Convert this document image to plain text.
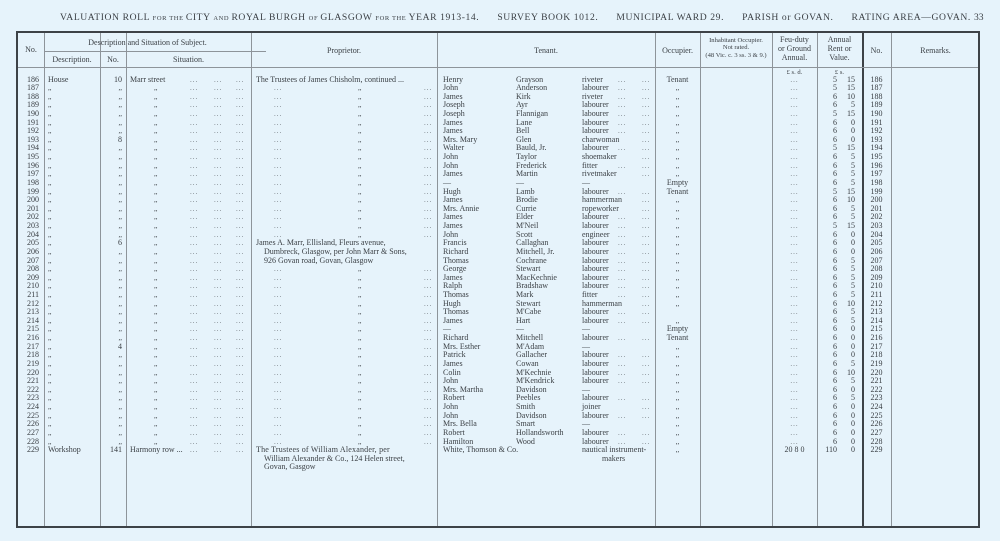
VALUATION ROLL FOR THE CITY AND ROYAL BURGH OF GLASGOW FOR THE YEAR 1913-14. SURVEY BOOK 1012. MUNICIPAL WARD 29. PARISH or GOVAN. RATING AREA—GOVAN. 33
No.
Description and Situation of Subject.
Description.	No.	Situation.
Proprietor.	Tenant.	Occupier.
Inhabitant Occupier.
Not rated.
(48 Vic. c. 3 ss. 3 & 9.)
Feu-duty
or Ground
Annual.
£ s. d.
Annual
Rent or
Value.
£ s.
No.	Remarks.
186 House	10 Marr street	...	...	...	The Trustees of James Chisholm, continued ...	Henry	Grayson	riveter	...	...	Tenant	...	5	15	186
187 ,,	,,	,,	...	...	...	...	,,	...	John	Anderson	labourer	...	...	,,	...	5	15	187
188 ,,	,,	,,	...	...	...	...	,,	...	James	Kirk	riveter	...	...	,,	...	6	10	188
189 ,,	,,	,,	...	...	...	...	,,	...	Joseph	Ayr	labourer	...	...	,,	...	6	5	189
190 ,,	,,	,,	...	...	...	...	,,	...	Joseph	Flannigan	labourer	...	...	,,	...	5	15	190
191 ,,	,,	,,	...	...	...	...	,,	...	James	Lane	labourer	...	...	,,	...	6	0	191
192 ,,	,,	,,	...	...	...	...	,,	...	James	Bell	labourer	...	...	,,	...	6	0	192
193 ,,	8	,,	...	...	...	...	,,	...	Mrs. Mary	Glen	charwoman	...	,,	...	6	0	193
194 ,,	,,	,,	...	...	...	...	,,	...	Walter	Bauld, Jr.	labourer	...	...	,,	...	5	15	194
195 ,,	,,	,,	...	...	...	...	,,	...	John	Taylor	shoemaker	...	,,	...	6	5	195
196 ,,	,,	,,	...	...	...	...	,,	...	John	Frederick	fitter	...	...	,,	...	6	5	196
197 ,,	,,	,,	...	...	...	...	,,	...	James	Martin	rivetmaker	...	,,	...	6	5	197
198 ,,	,,	,,	...	...	...	...	,,	...	—	—	—	Empty	...	6	5	198
199 ,,	,,	,,	...	...	...	...	,,	...	Hugh	Lamb	labourer	...	...	Tenant	...	5	15	199
200 ,,	,,	,,	...	...	...	...	,,	...	James	Brodie	hammerman	...	,,	...	6	10	200
201 ,,	,,	,,	...	...	...	...	,,	...	Mrs. Annie	Currie	ropeworker	...	,,	...	6	5	201
202 ,,	,,	,,	...	...	...	...	,,	...	James	Elder	labourer	...	...	,,	...	6	5	202
203 ,,	,,	,,	...	...	...	...	,,	...	James	M'Neil	labourer	...	...	,,	...	5	15	203
204 ,,	,,	,,	...	...	...	...	,,	...	John	Scott	engineer	...	...	,,	...	6	0	204
205 ,,	6	,,	...	...	...	James A. Marr, Ellisland, Fleurs avenue,	Francis	Callaghan	labourer	...	...	,,	...	6	0	205
206 ,,	,,	,,	...	...	...	Dumbreck, Glasgow, per John Marr & Sons,	Richard	Mitchell, Jr.	labourer	...	...	,,	...	6	0	206
207 ,,	,,	,,	...	...	...	926 Govan road, Govan, Glasgow	Thomas	Cochrane	labourer	...	...	,,	...	6	5	207
208 ,,	,,	,,	...	...	...	...	,,	...	George	Stewart	labourer	...	...	,,	...	6	5	208
209 ,,	,,	,,	...	...	...	...	,,	...	James	MacKechnie	labourer	...	...	,,	...	6	5	209
210 ,,	,,	,,	...	...	...	...	,,	...	Ralph	Bradshaw	labourer	...	...	,,	...	6	5	210
211 ,,	,,	,,	...	...	...	...	,,	...	Thomas	Mark	fitter	...	...	,,	...	6	5	211
212 ,,	,,	,,	...	...	...	...	,,	...	Hugh	Stewart	hammerman	...	,,	...	6	10	212
213 ,,	,,	,,	...	...	...	...	,,	...	Thomas	M'Cabe	labourer	...	...	...	6	5	213
214 ,,	,,	,,	...	...	...	...	,,	...	James	Hart	labourer	...	...	,,	...	6	5	214
215 ,,	,,	,,	...	...	...	...	,,	...	—	—	—	Empty	...	6	0	215
216 ,,	,,	,,	...	...	...	...	,,	...	Richard	Mitchell	labourer	...	...	Tenant	...	6	0	216
217 ,,	4	,,	...	...	...	...	,,	...	Mrs. Esther	M'Adam	—	,,	...	6	0	217
218 ,,	,,	,,	...	...	...	...	,,	...	Patrick	Gallacher	labourer	...	...	,,	...	6	0	218
219 ,,	,,	,,	...	...	...	...	,,	...	James	Cowan	labourer	...	...	,,	...	6	5	219
220 ,,	,,	,,	...	...	...	...	,,	...	Colin	M'Kechnie	labourer	...	...	,,	...	6	10	220
221 ,,	,,	,,	...	...	...	...	,,	...	John	M'Kendrick	labourer	...	...	,,	...	6	5	221
222 ,,	,,	,,	...	...	...	...	,,	...	Mrs. Martha	Davidson	—	,,	...	6	0	222
223 ,,	,,	,,	...	...	...	...	,,	...	Robert	Peebles	labourer	...	...	,,	...	6	5	223
224 ,,	,,	,,	...	...	...	...	,,	...	John	Smith	joiner	...	,,	...	6	0	224
225 ,,	,,	,,	...	...	...	...	,,	...	John	Davidson	labourer	...	...	,,	...	6	0	225
226 ,,	,,	,,	...	...	...	...	,,	...	Mrs. Bella	Smart	—	,,	...	6	0	226
227 ,,	,,	,,	...	...	...	...	,,	...	Robert	Hollandsworth	labourer	...	...	,,	...	6	0	227
228 ,,	,,	,,	...	...	...	...	,,	...	Hamilton	Wood	labourer	...	...	,,	...	6	0	228
229 Workshop	141 Harmony row ...	...	...	...	The Trustees of William Alexander, per	White, Thomson & Co.	nautical instrument-	,,	20 8 0	110	0	229
William Alexander & Co., 124 Helen street,	makers
Govan, Gasgow
